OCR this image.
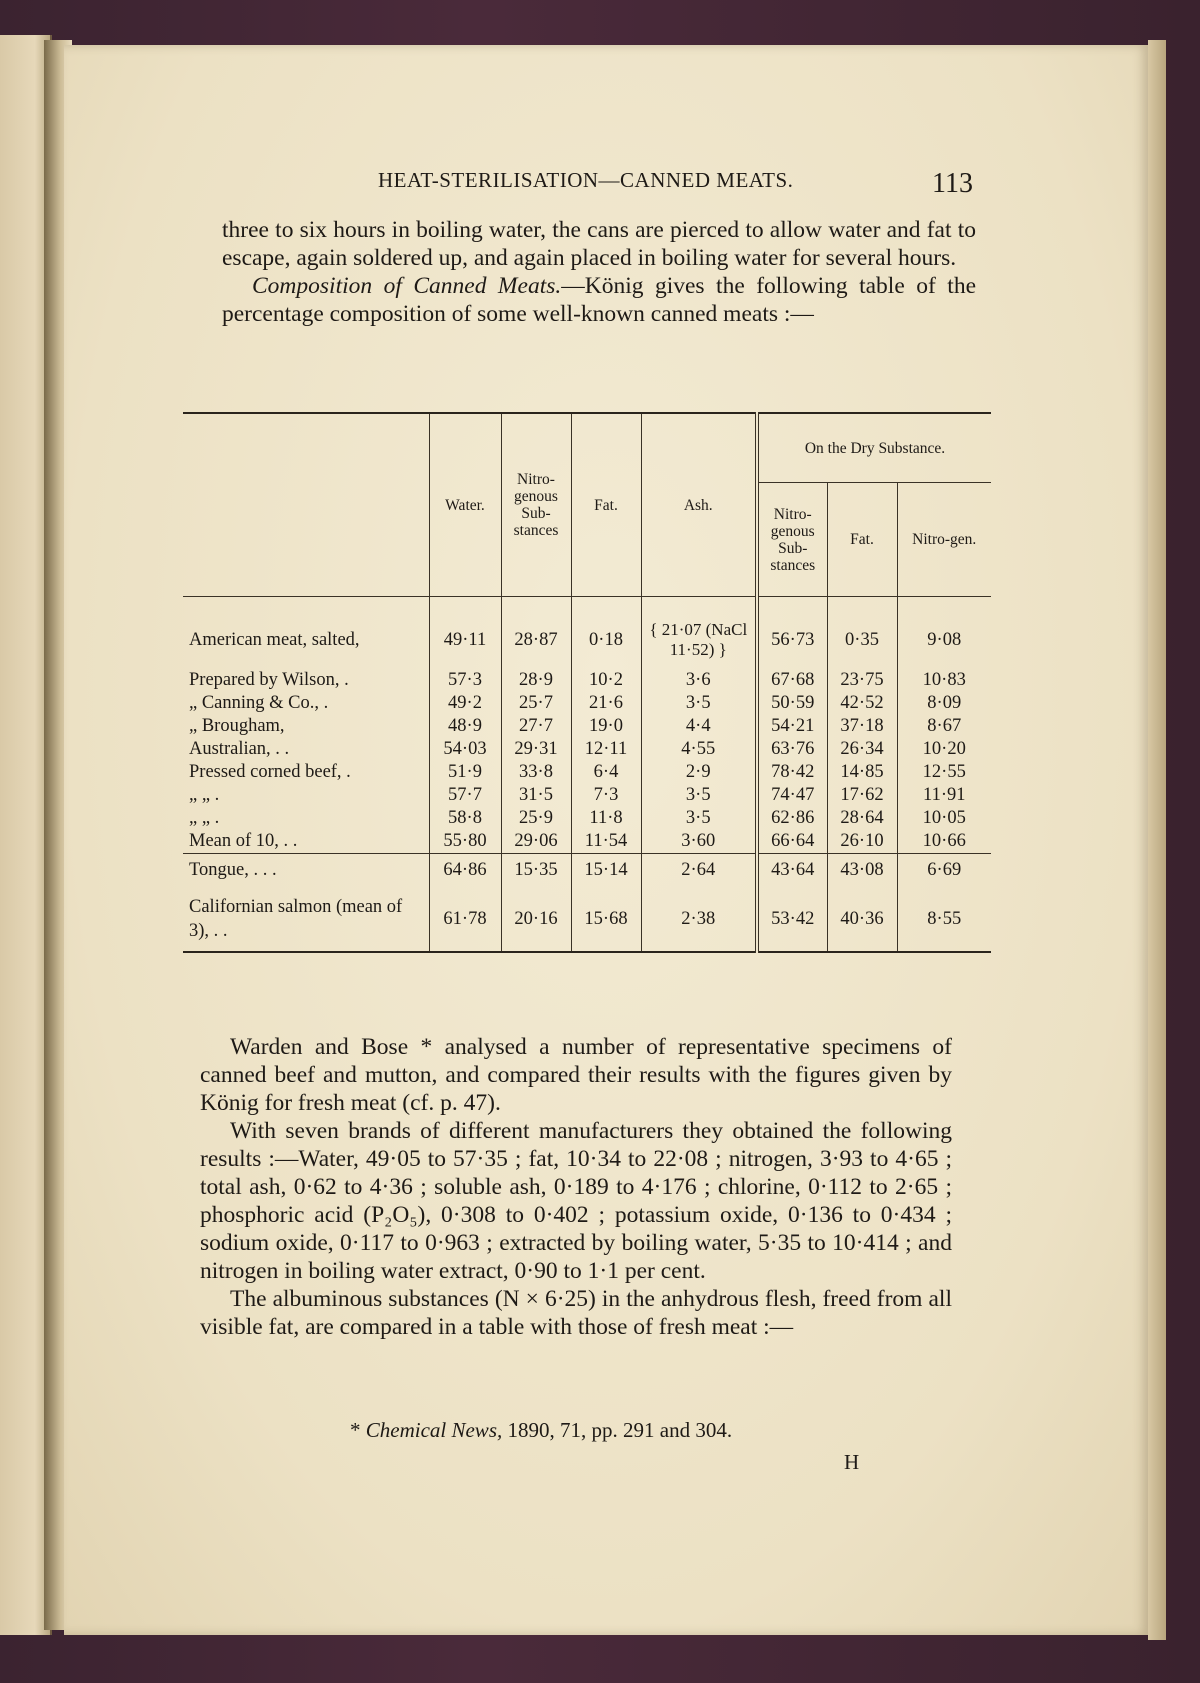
HEAT-STERILISATION—CANNED MEATS.	113

three to six hours in boiling water, the cans are pierced to allow water and fat to escape, again soldered up, and again placed in boiling water for several hours.

Composition of Canned Meats.—König gives the following table of the percentage composition of some well-known canned meats :—

	Water.	Nitro-genous Sub-stances	Fat.	Ash.	On the Dry Substance.		
					Nitro-genous Sub-stances	Fat.	Nitro-gen.

American meat, salted,	49·11	28·87	0·18	{ 21·07 (NaCl 11·52) }	56·73	0·35	9·08
Prepared by Wilson, .	57·3	28·9	10·2	3·6	67·68	23·75	10·83
„ Canning & Co., .	49·2	25·7	21·6	3·5	50·59	42·52	8·09
„ Brougham,	48·9	27·7	19·0	4·4	54·21	37·18	8·67
Australian, . .	54·03	29·31	12·11	4·55	63·76	26·34	10·20
Pressed corned beef, .	51·9	33·8	6·4	2·9	78·42	14·85	12·55
„ „ .	57·7	31·5	7·3	3·5	74·47	17·62	11·91
„ „ .	58·8	25·9	11·8	3·5	62·86	28·64	10·05
Mean of 10, . .	55·80	29·06	11·54	3·60	66·64	26·10	10·66
Tongue, . . .	64·86	15·35	15·14	2·64	43·64	43·08	6·69
Californian salmon (mean of 3), . .	61·78	20·16	15·68	2·38	53·42	40·36	8·55

Warden and Bose * analysed a number of representative specimens of canned beef and mutton, and compared their results with the figures given by König for fresh meat (cf. p. 47).

With seven brands of different manufacturers they obtained the following results :—Water, 49·05 to 57·35 ; fat, 10·34 to 22·08 ; nitrogen, 3·93 to 4·65 ; total ash, 0·62 to 4·36 ; soluble ash, 0·189 to 4·176 ; chlorine, 0·112 to 2·65 ; phosphoric acid (P₂O₅), 0·308 to 0·402 ; potassium oxide, 0·136 to 0·434 ; sodium oxide, 0·117 to 0·963 ; extracted by boiling water, 5·35 to 10·414 ; and nitrogen in boiling water extract, 0·90 to 1·1 per cent.

The albuminous substances (N × 6·25) in the anhydrous flesh, freed from all visible fat, are compared in a table with those of fresh meat :—

* Chemical News, 1890, 71, pp. 291 and 304.
H
